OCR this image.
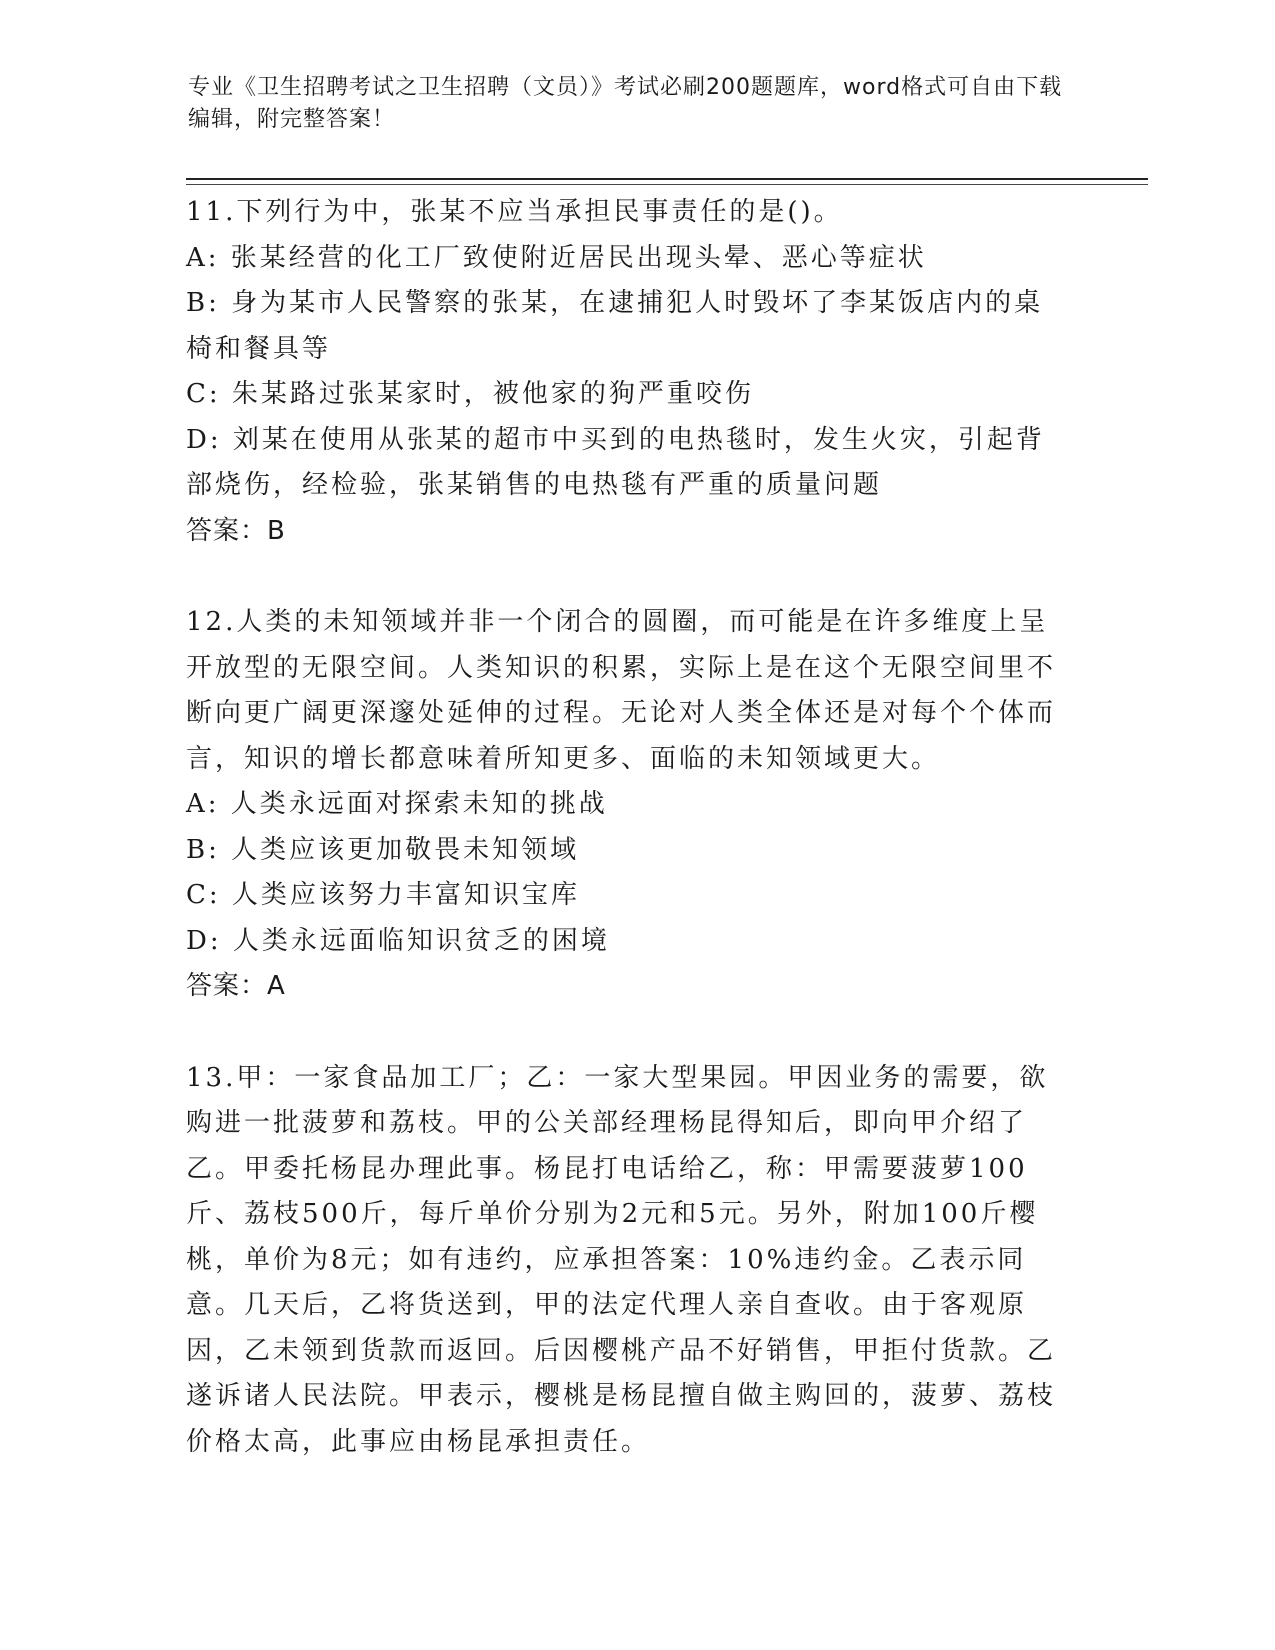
专业《卫生招聘考试之卫生招聘（文员）》考试必刷200题题库，word格式可自由下载编辑，附完整答案！

11.下列行为中，张某不应当承担民事责任的是()。

A: 张某经营的化工厂致使附近居民出现头晕、恶心等症状

B: 身为某市人民警察的张某，在逮捕犯人时毁坏了李某饭店内的桌椅和餐具等

C: 朱某路过张某家时，被他家的狗严重咬伤

D: 刘某在使用从张某的超市中买到的电热毯时，发生火灾，引起背部烧伤，经检验，张某销售的电热毯有严重的质量问题

答案：B

12.人类的未知领域并非一个闭合的圆圈，而可能是在许多维度上呈开放型的无限空间。人类知识的积累，实际上是在这个无限空间里不断向更广阔更深邃处延伸的过程。无论对人类全体还是对每个个体而言，知识的增长都意味着所知更多、面临的未知领域更大。

A: 人类永远面对探索未知的挑战

B: 人类应该更加敬畏未知领域

C: 人类应该努力丰富知识宝库

D: 人类永远面临知识贫乏的困境

答案：A

13.甲：一家食品加工厂；乙：一家大型果园。甲因业务的需要，欲购进一批菠萝和荔枝。甲的公关部经理杨昆得知后，即向甲介绍了乙。甲委托杨昆办理此事。杨昆打电话给乙，称：甲需要菠萝100斤、荔枝500斤，每斤单价分别为2元和5元。另外，附加100斤樱桃，单价为8元；如有违约，应承担答案：10%违约金。乙表示同意。几天后，乙将货送到，甲的法定代理人亲自查收。由于客观原因，乙未领到货款而返回。后因樱桃产品不好销售，甲拒付货款。乙遂诉诸人民法院。甲表示，樱桃是杨昆擅自做主购回的，菠萝、荔枝价格太高，此事应由杨昆承担责任。
